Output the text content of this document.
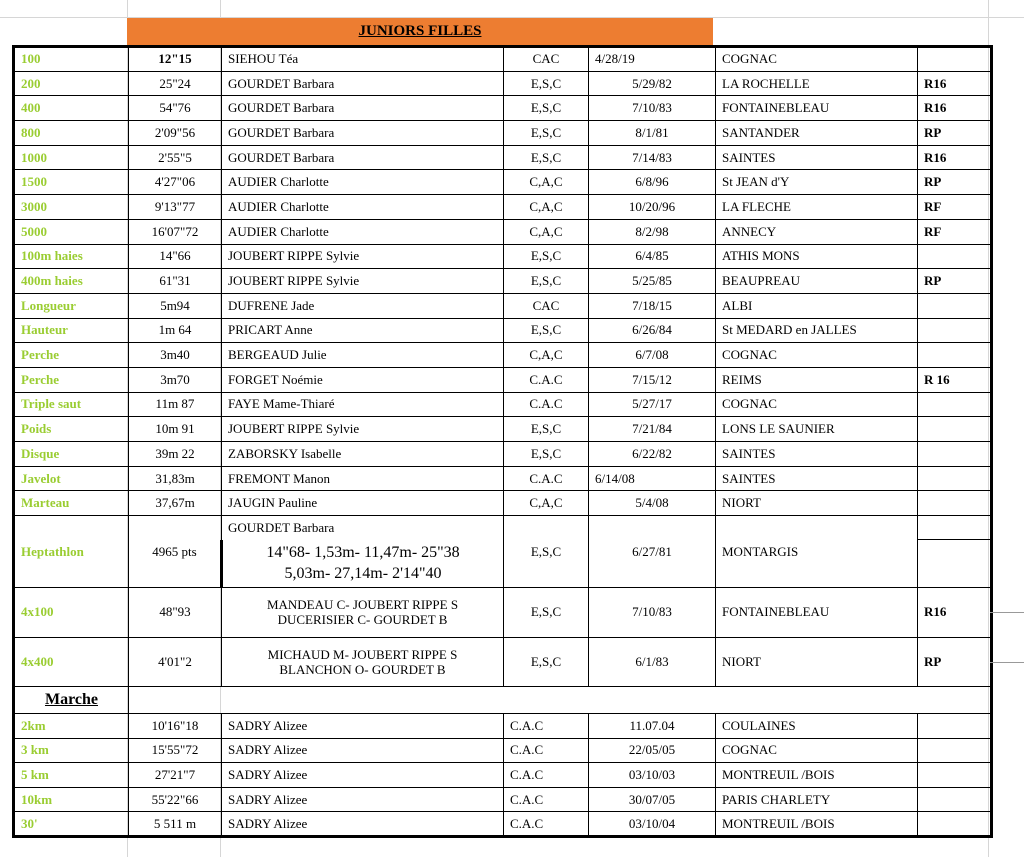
JUNIORS FILLES
100	12"15	SIEHOU Téa	CAC	4/28/19	COGNAC	
200	25"24	GOURDET Barbara	E,S,C	5/29/82	LA ROCHELLE	R16
400	54"76	GOURDET Barbara	E,S,C	7/10/83	FONTAINEBLEAU	R16
800	2'09"56	GOURDET Barbara	E,S,C	8/1/81	SANTANDER	RP
1000	2'55"5	GOURDET Barbara	E,S,C	7/14/83	SAINTES	R16
1500	4'27"06	AUDIER Charlotte	C,A,C	6/8/96	St JEAN d'Y	RP
3000	9'13"77	AUDIER Charlotte	C,A,C	10/20/96	LA FLECHE	RF
5000	16'07"72	AUDIER Charlotte	C,A,C	8/2/98	ANNECY	RF
100m haies	14"66	JOUBERT RIPPE Sylvie	E,S,C	6/4/85	ATHIS MONS	
400m haies	61"31	JOUBERT RIPPE Sylvie	E,S,C	5/25/85	BEAUPREAU	RP
Longueur	5m94	DUFRENE Jade	CAC	7/18/15	ALBI	
Hauteur	1m 64	PRICART Anne	E,S,C	6/26/84	St MEDARD en JALLES	
Perche	3m40	BERGEAUD Julie	C,A,C	6/7/08	COGNAC	
Perche	3m70	FORGET Noémie	C.A.C	7/15/12	REIMS	R 16
Triple saut	11m 87	FAYE Mame-Thiaré	C.A.C	5/27/17	COGNAC	
Poids	10m 91	JOUBERT RIPPE Sylvie	E,S,C	7/21/84	LONS LE SAUNIER	
Disque	39m 22	ZABORSKY Isabelle	E,S,C	6/22/82	SAINTES	
Javelot	31,83m	FREMONT Manon	C.A.C	6/14/08	SAINTES	
Marteau	37,67m	JAUGIN Pauline	C,A,C	5/4/08	NIORT	
Heptathlon	4965 pts	GOURDET Barbara	E,S,C	6/27/81	MONTARGIS	

		14"68- 1,53m- 11,47m- 25"38
5,03m- 27,14m- 2'14"40				

4x100	48"93	MANDEAU C- JOUBERT RIPPE S
DUCERISIER C- GOURDET B	E,S,C	7/10/83	FONTAINEBLEAU	R16
4x400	4'01"2	MICHAUD M- JOUBERT RIPPE S
BLANCHON O- GOURDET B	E,S,C	6/1/83	NIORT	RP
Marche						
2km	10'16"18	SADRY Alizee	C.A.C	11.07.04	COULAINES	
3 km	15'55"72	SADRY Alizee	C.A.C	22/05/05	COGNAC	
5 km	27'21"7	SADRY Alizee	C.A.C	03/10/03	MONTREUIL /BOIS	
10km	55'22"66	SADRY Alizee	C.A.C	30/07/05	PARIS CHARLETY	
30'	5 511 m	SADRY Alizee	C.A.C	03/10/04	MONTREUIL /BOIS	
